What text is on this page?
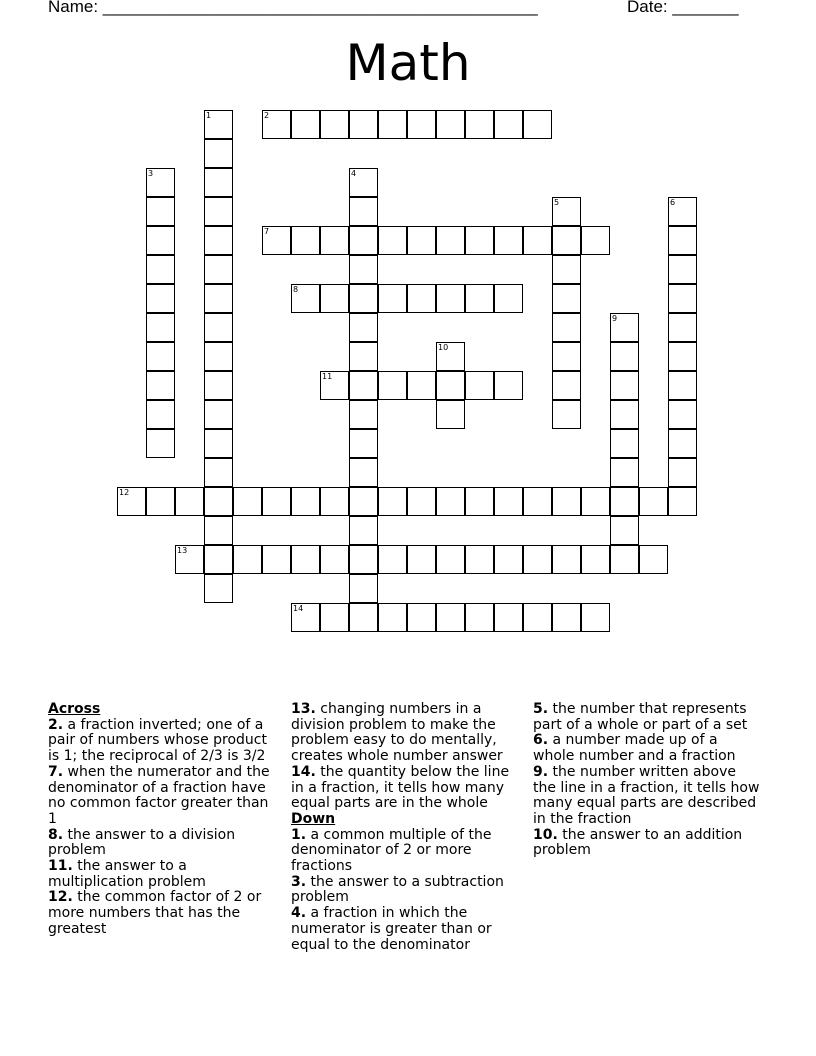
Name: ______________________________________________	Date: _______
Math
1	2
3	4
5	6
7
8
9
10
11
12
13
14
Across
2. a fraction inverted; one of a pair of numbers whose product is 1; the reciprocal of 2/3 is 3/2
7. when the numerator and the denominator of a fraction have no common factor greater than 1
8. the answer to a division problem
11. the answer to a multiplication problem
12. the common factor of 2 or more numbers that has the greatest
13. changing numbers in a division problem to make the problem easy to do mentally, creates whole number answer
14. the quantity below the line in a fraction, it tells how many equal parts are in the whole
Down
1. a common multiple of the denominator of 2 or more fractions
3. the answer to a subtraction problem
4. a fraction in which the numerator is greater than or equal to the denominator
5. the number that represents part of a whole or part of a set
6. a number made up of a whole number and a fraction
9. the number written above the line in a fraction, it tells how many equal parts are described in the fraction
10. the answer to an addition problem
